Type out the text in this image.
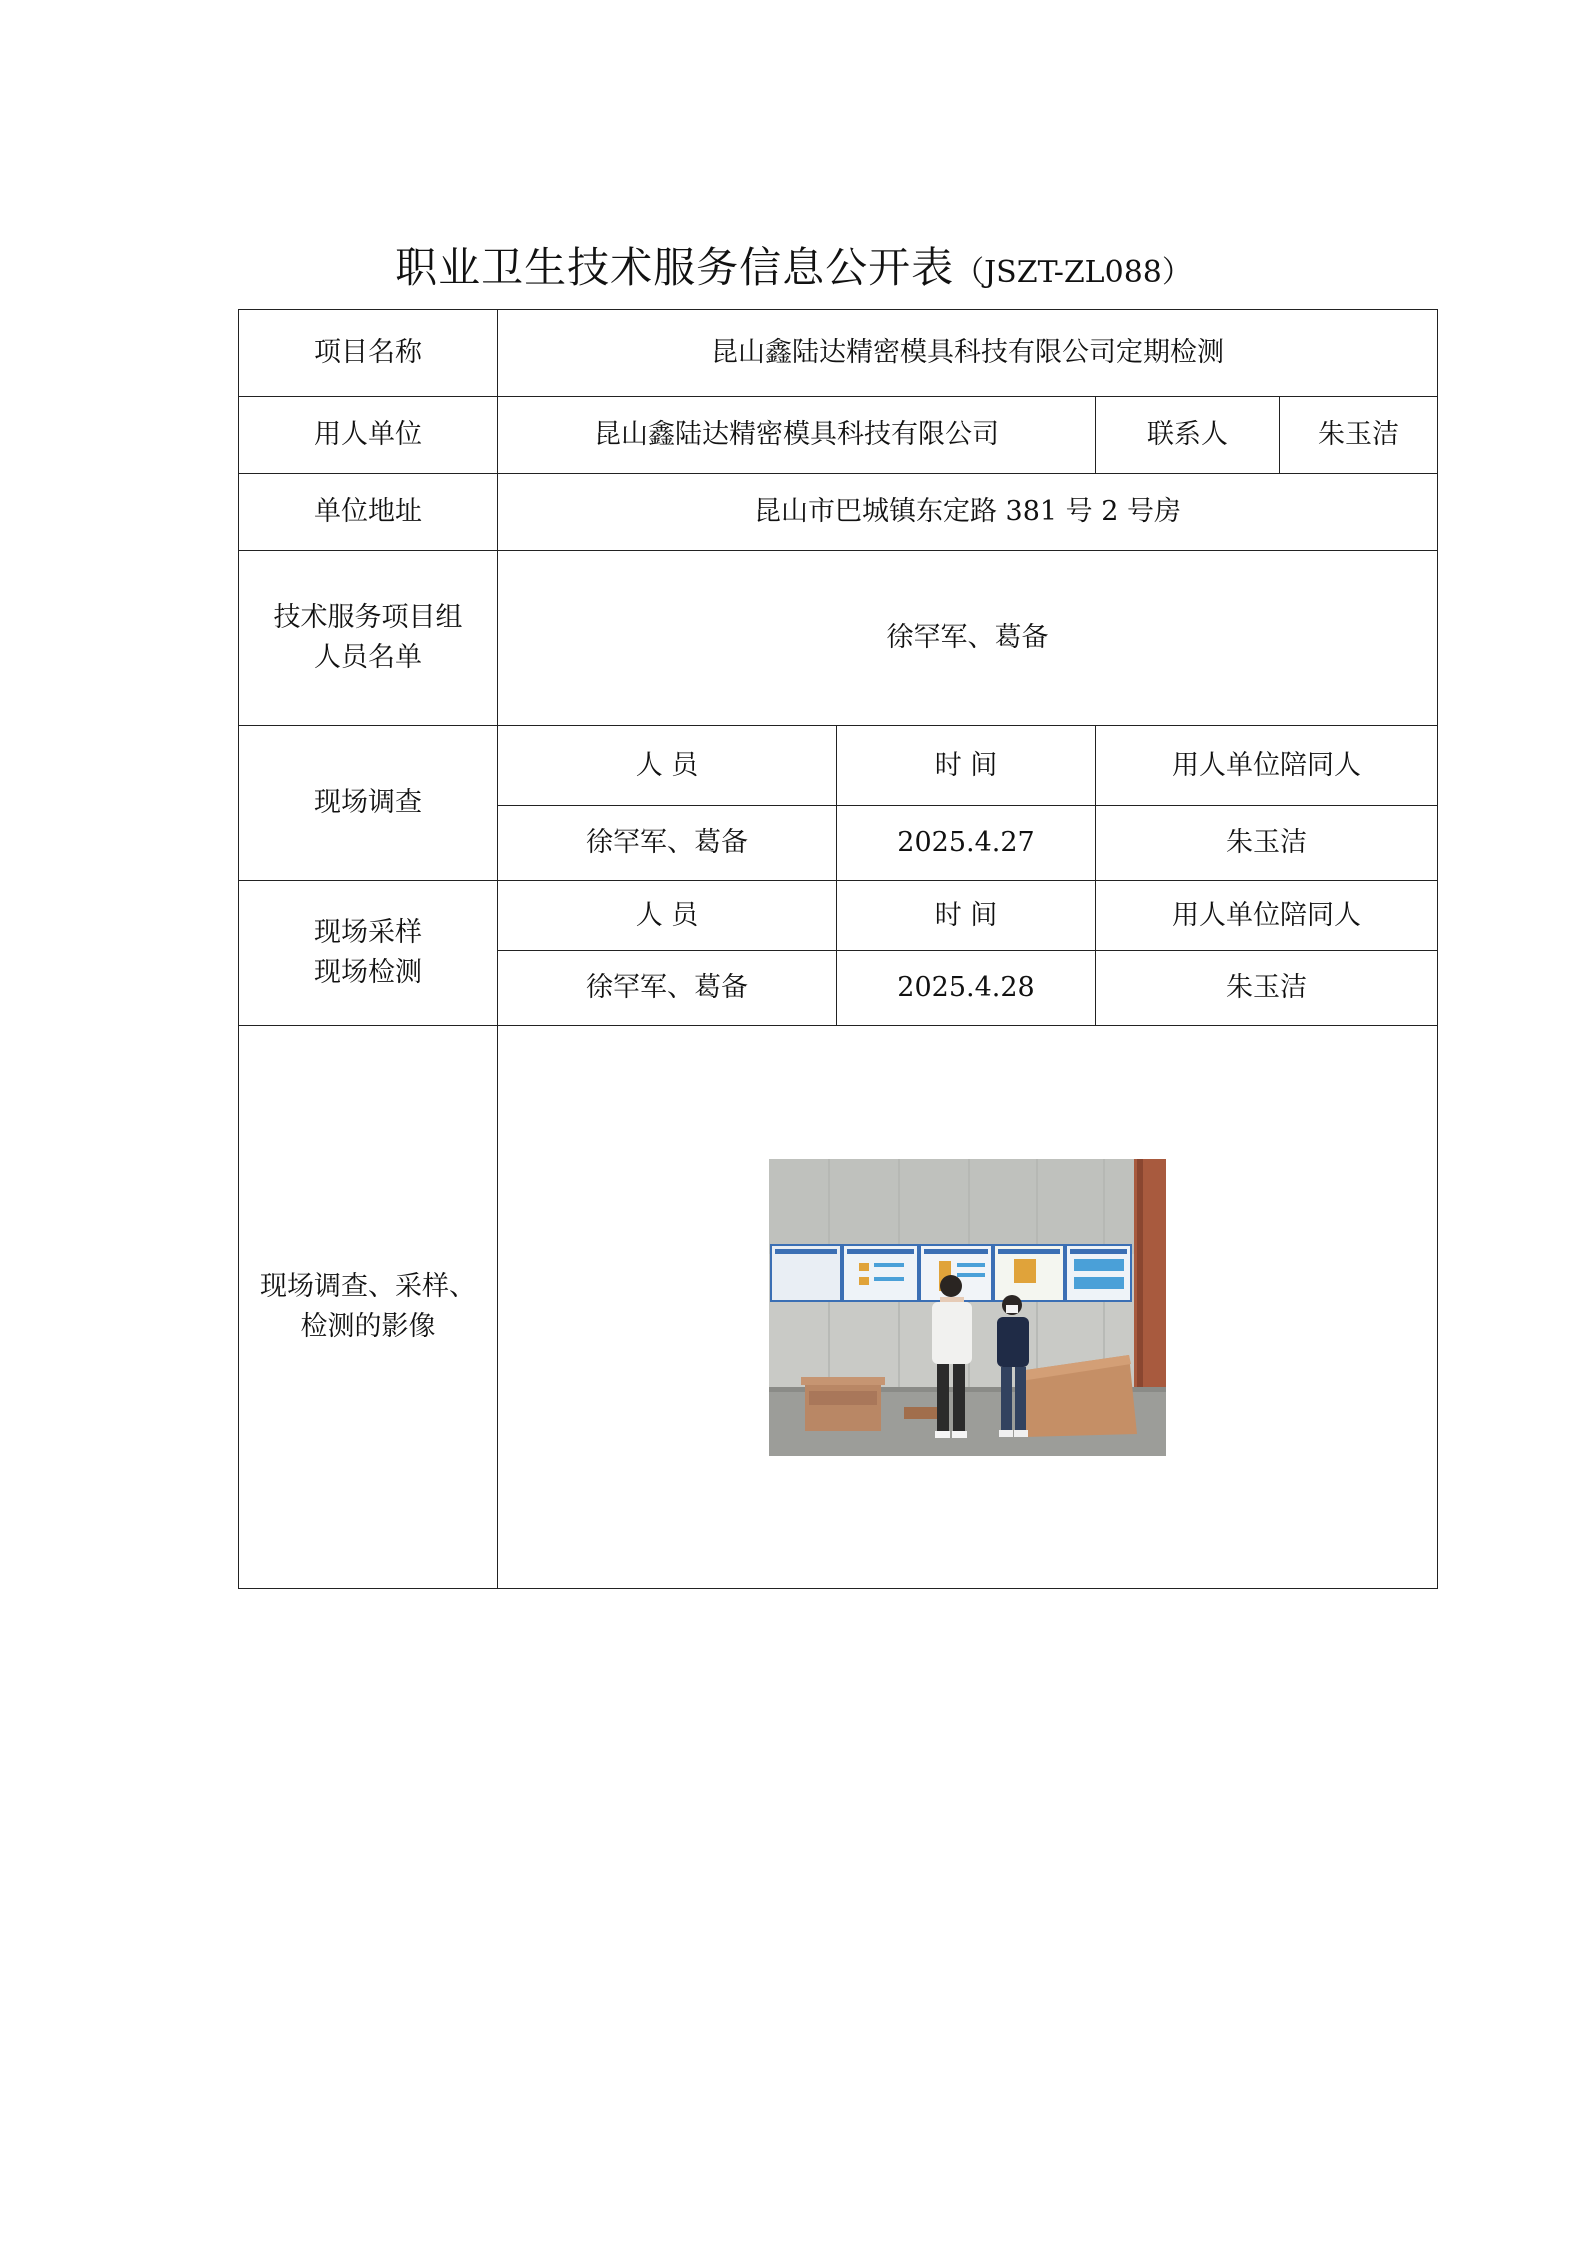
职业卫生技术服务信息公开表（JSZT-ZL088）
项目名称	昆山鑫陆达精密模具科技有限公司定期检测			
用人单位	昆山鑫陆达精密模具科技有限公司		联系人	朱玉洁
单位地址	昆山市巴城镇东定路 381 号 2 号房			

技术服务项目组
人员名单	徐罕军、葛备			
现场调查	人 员	时 间	用人单位陪同人	
	徐罕军、葛备	2025.4.27	朱玉洁	

现场采样
现场检测	人 员	时 间	用人单位陪同人	
	徐罕军、葛备	2025.4.28	朱玉洁	

现场调查、采样、
检测的影像
